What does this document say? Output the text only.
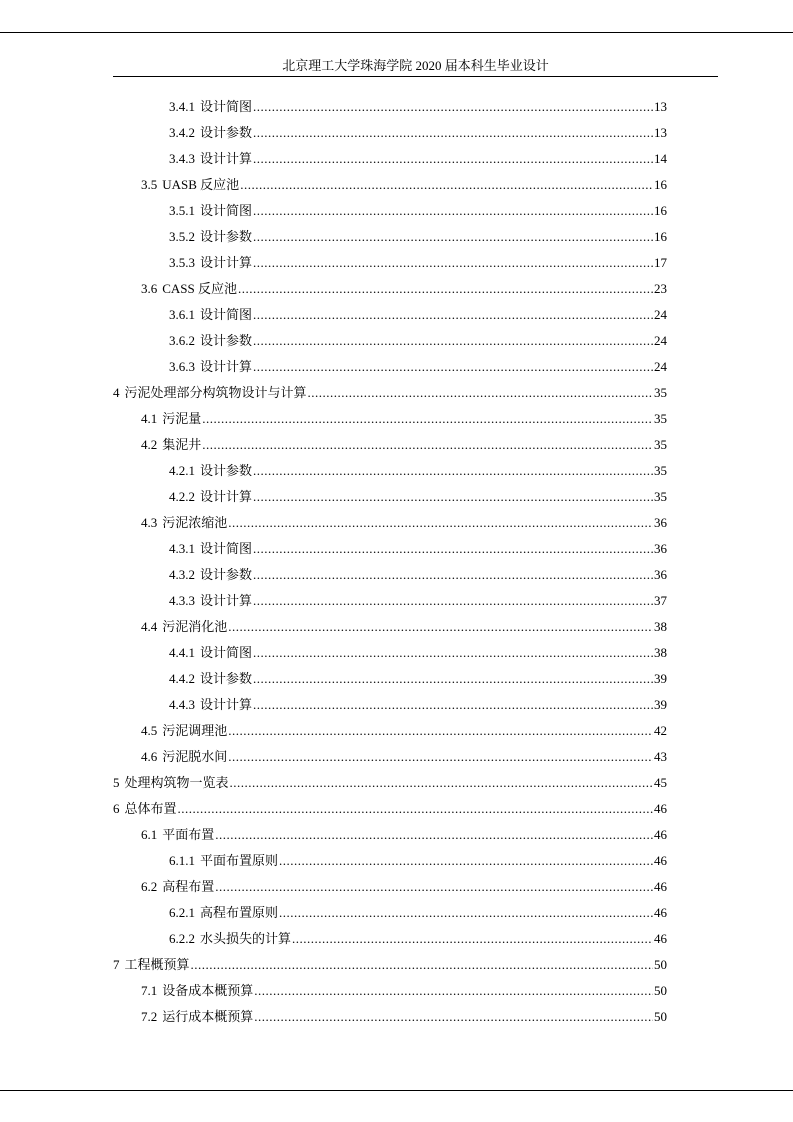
北京理工大学珠海学院 2020 届本科生毕业设计
3.4.1 设计简图 .....	13
3.4.2 设计参数 .....	13
3.4.3 设计计算 .....	14
3.5 UASB 反应池 .....	16
3.5.1 设计简图 .....	16
3.5.2 设计参数 .....	16
3.5.3 设计计算 .....	17
3.6 CASS 反应池 .....	23
3.6.1 设计简图 .....	24
3.6.2 设计参数 .....	24
3.6.3 设计计算 .....	24
4 污泥处理部分构筑物设计与计算 .....	35
4.1 污泥量 .....	35
4.2 集泥井 .....	35
4.2.1 设计参数 .....	35
4.2.2 设计计算 .....	35
4.3 污泥浓缩池 .....	36
4.3.1 设计简图 .....	36
4.3.2 设计参数 .....	36
4.3.3 设计计算 .....	37
4.4 污泥消化池 .....	38
4.4.1 设计简图 .....	38
4.4.2 设计参数 .....	39
4.4.3 设计计算 .....	39
4.5 污泥调理池 .....	42
4.6 污泥脱水间 .....	43
5 处理构筑物一览表 .....	45
6 总体布置 .....	46
6.1 平面布置 .....	46
6.1.1 平面布置原则 .....	46
6.2 高程布置 .....	46
6.2.1 高程布置原则 .....	46
6.2.2 水头损失的计算 .....	46
7 工程概预算 .....	50
7.1 设备成本概预算 .....	50
7.2 运行成本概预算 .....	50
